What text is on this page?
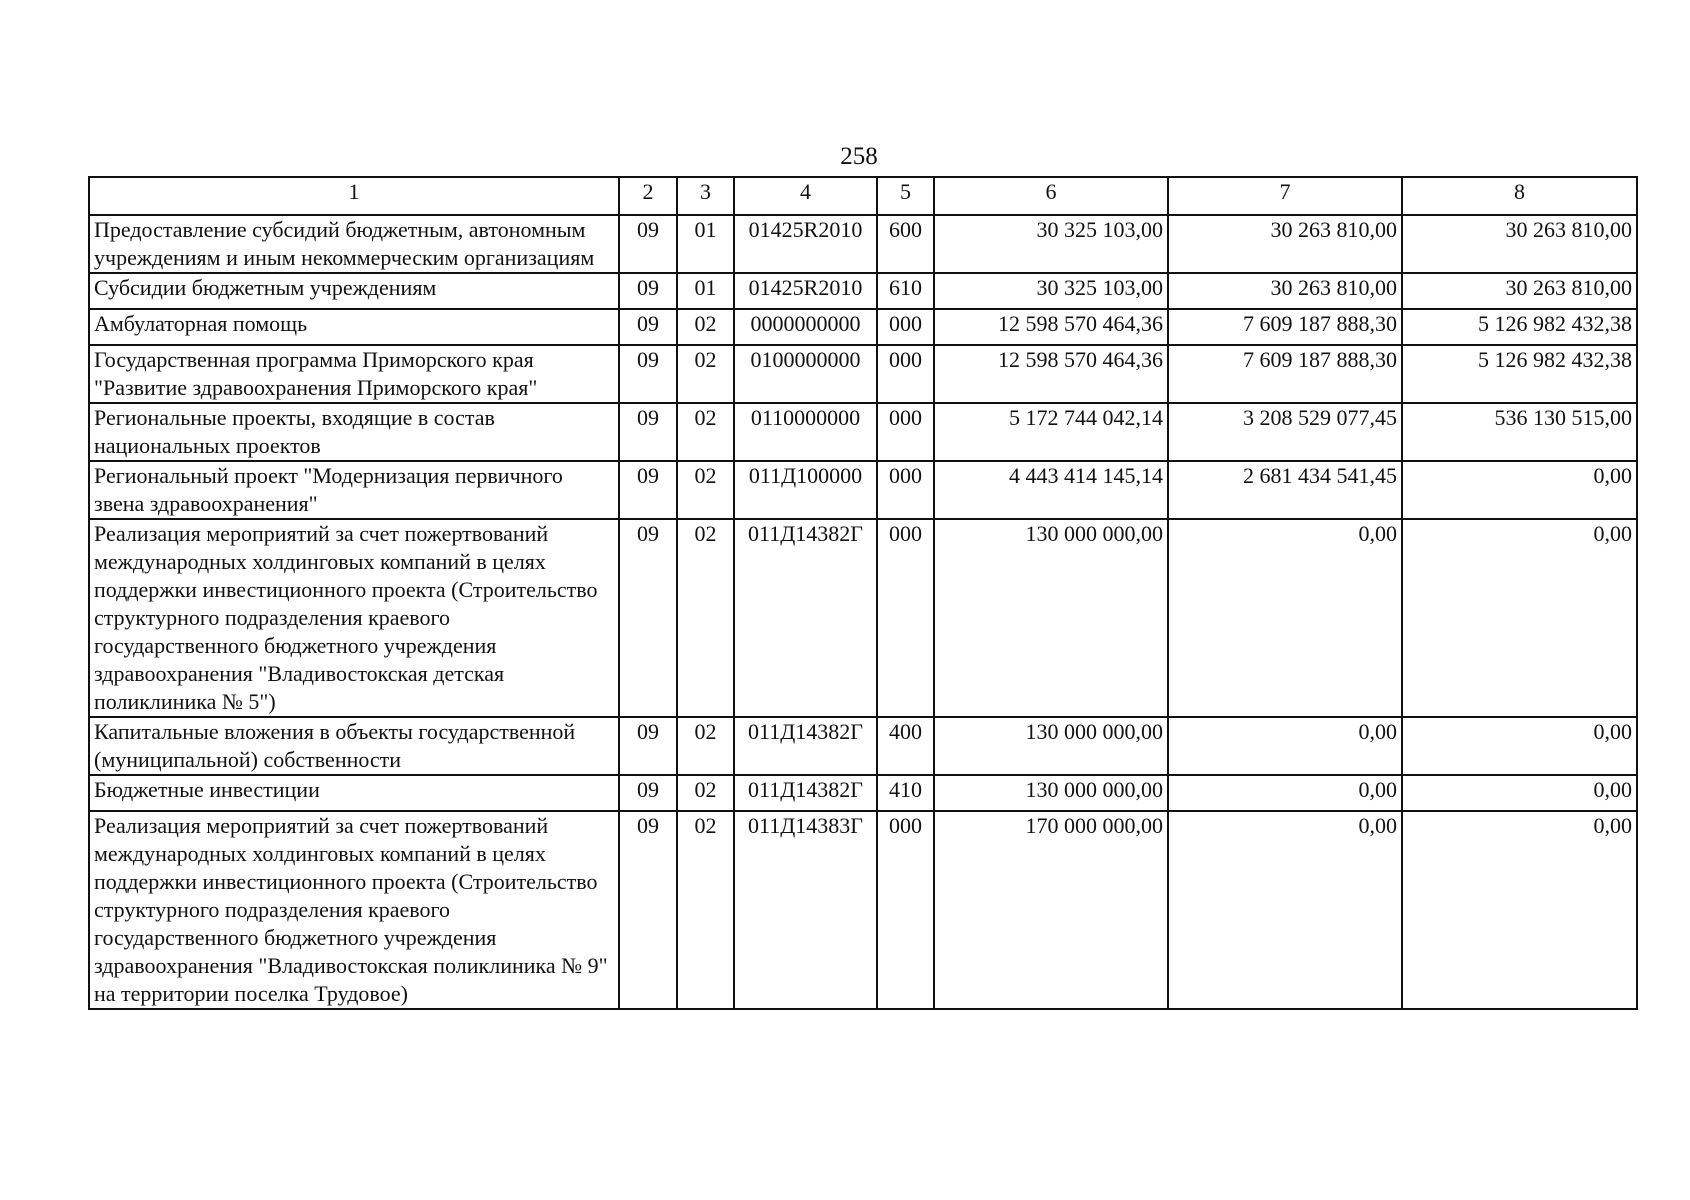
258
1	2	3	4	5	6	7	8
Предоставление субсидий бюджетным, автономным учреждениям и иным некоммерческим организациям	09	01	01425R2010	600	30 325 103,00	30 263 810,00	30 263 810,00
Субсидии бюджетным учреждениям	09	01	01425R2010	610	30 325 103,00	30 263 810,00	30 263 810,00
Амбулаторная помощь	09	02	0000000000	000	12 598 570 464,36	7 609 187 888,30	5 126 982 432,38
Государственная программа Приморского края "Развитие здравоохранения Приморского края"	09	02	0100000000	000	12 598 570 464,36	7 609 187 888,30	5 126 982 432,38
Региональные проекты, входящие в состав национальных проектов	09	02	0110000000	000	5 172 744 042,14	3 208 529 077,45	536 130 515,00
Региональный проект "Модернизация первичного звена здравоохранения"	09	02	011Д100000	000	4 443 414 145,14	2 681 434 541,45	0,00
Реализация мероприятий за счет пожертвований международных холдинговых компаний в целях поддержки инвестиционного проекта (Строительство структурного подразделения краевого государственного бюджетного учреждения здравоохранения "Владивостокская детская поликлиника № 5")	09	02	011Д14382Г	000	130 000 000,00	0,00	0,00
Капитальные вложения в объекты государственной (муниципальной) собственности	09	02	011Д14382Г	400	130 000 000,00	0,00	0,00
Бюджетные инвестиции	09	02	011Д14382Г	410	130 000 000,00	0,00	0,00
Реализация мероприятий за счет пожертвований международных холдинговых компаний в целях поддержки инвестиционного проекта (Строительство структурного подразделения краевого государственного бюджетного учреждения здравоохранения "Владивостокская поликлиника № 9" на территории поселка Трудовое)	09	02	011Д14383Г	000	170 000 000,00	0,00	0,00
